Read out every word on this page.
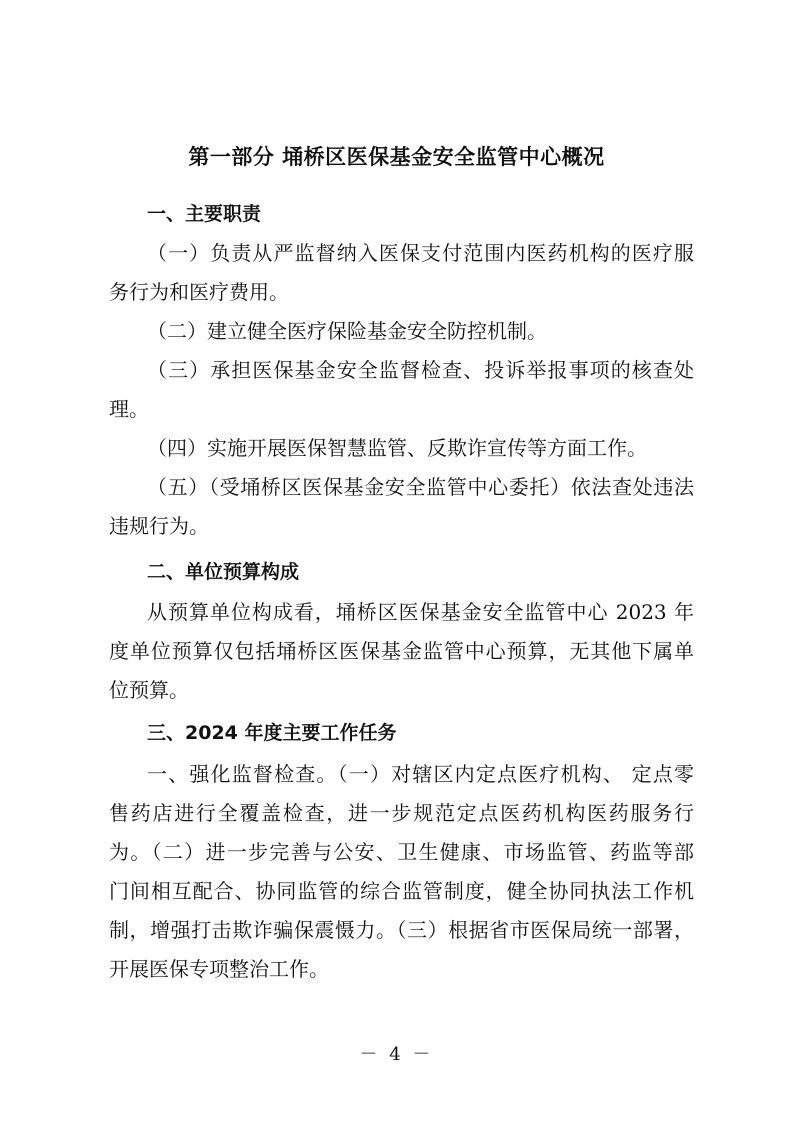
第一部分 埇桥区医保基金安全监管中心概况
一、主要职责
（一）负责从严监督纳入医保支付范围内医药机构的医疗服
务行为和医疗费用。
（二）建立健全医疗保险基金安全防控机制。
（三）承担医保基金安全监督检查、投诉举报事项的核查处
理。
（四）实施开展医保智慧监管、反欺诈宣传等方面工作。
（五）（受埇桥区医保基金安全监管中心委托）依法查处违法
违规行为。
二、单位预算构成
从预算单位构成看，埇桥区医保基金安全监管中心 2023 年
度单位预算仅包括埇桥区医保基金监管中心预算，无其他下属单
位预算。
三、2024 年度主要工作任务
一、强化监督检查。（一）对辖区内定点医疗机构、 定点零
售药店进行全覆盖检查，进一步规范定点医药机构医药服务行
为。（二）进一步完善与公安、卫生健康、市场监管、药监等部
门间相互配合、协同监管的综合监管制度，健全协同执法工作机
制，增强打击欺诈骗保震慑力。（三）根据省市医保局统一部署，
开展医保专项整治工作。
－ 4 －
